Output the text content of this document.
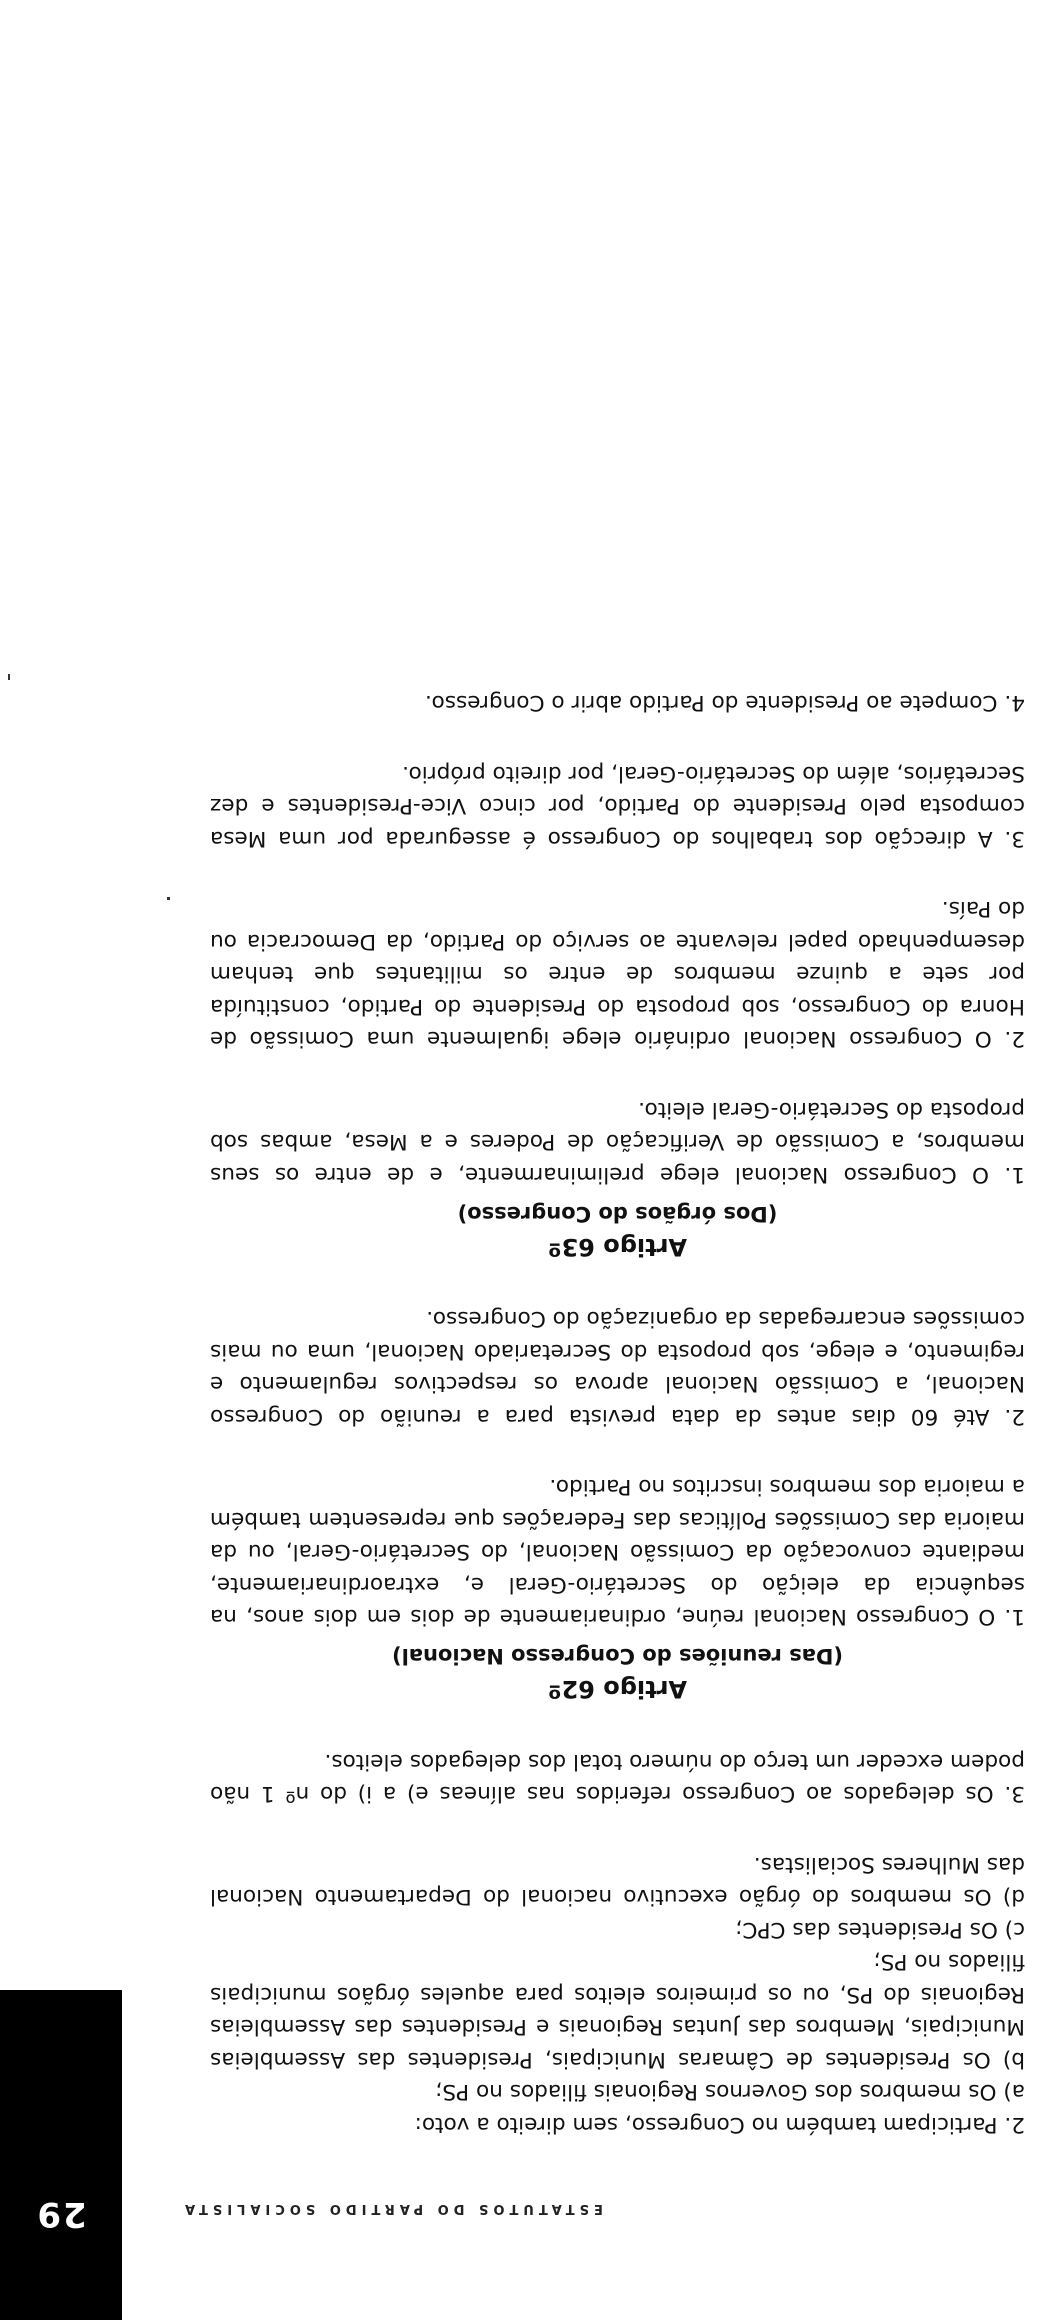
29	ESTATUTOS DO PARTIDO SOCIALISTA

2. Participam também no Congresso, sem direito a voto:

a) Os membros dos Governos Regionais filiados no PS;

b) Os Presidentes de Câmaras Municipais, Presidentes das Assembleias Municipais, Membros das Juntas Regionais e Presidentes das Assembleias Regionais do PS, ou os primeiros eleitos para aqueles órgãos municipais filiados no PS;

c) Os Presidentes das CPC;

d) Os membros do órgão executivo nacional do Departamento Nacional das Mulheres Socialistas.

3. Os delegados ao Congresso referidos nas alíneas e) a i) do nº 1 não podem exceder um terço do número total dos delegados eleitos.

Artigo 62º
(Das reuniões do Congresso Nacional)

1. O Congresso Nacional reúne, ordinariamente de dois em dois anos, na sequência da eleição do Secretário-Geral e, extraordinariamente, mediante convocação da Comissão Nacional, do Secretário-Geral, ou da maioria das Comissões Políticas das Federações que representem também a maioria dos membros inscritos no Partido.

2. Até 60 dias antes da data prevista para a reunião do Congresso Nacional, a Comissão Nacional aprova os respectivos regulamento e regimento, e elege, sob proposta do Secretariado Nacional, uma ou mais comissões encarregadas da organização do Congresso.

Artigo 63º
(Dos órgãos do Congresso)

1. O Congresso Nacional elege preliminarmente, e de entre os seus membros, a Comissão de Verificação de Poderes e a Mesa, ambas sob proposta do Secretário-Geral eleito.

2. O Congresso Nacional ordinário elege igualmente uma Comissão de Honra do Congresso, sob proposta do Presidente do Partido, constituída por sete a quinze membros de entre os militantes que tenham desempenhado papel relevante ao serviço do Partido, da Democracia ou do País.

3. A direcção dos trabalhos do Congresso é assegurada por uma Mesa composta pelo Presidente do Partido, por cinco Vice-Presidentes e dez Secretários, além do Secretário-Geral, por direito próprio.

4. Compete ao Presidente do Partido abrir o Congresso.
